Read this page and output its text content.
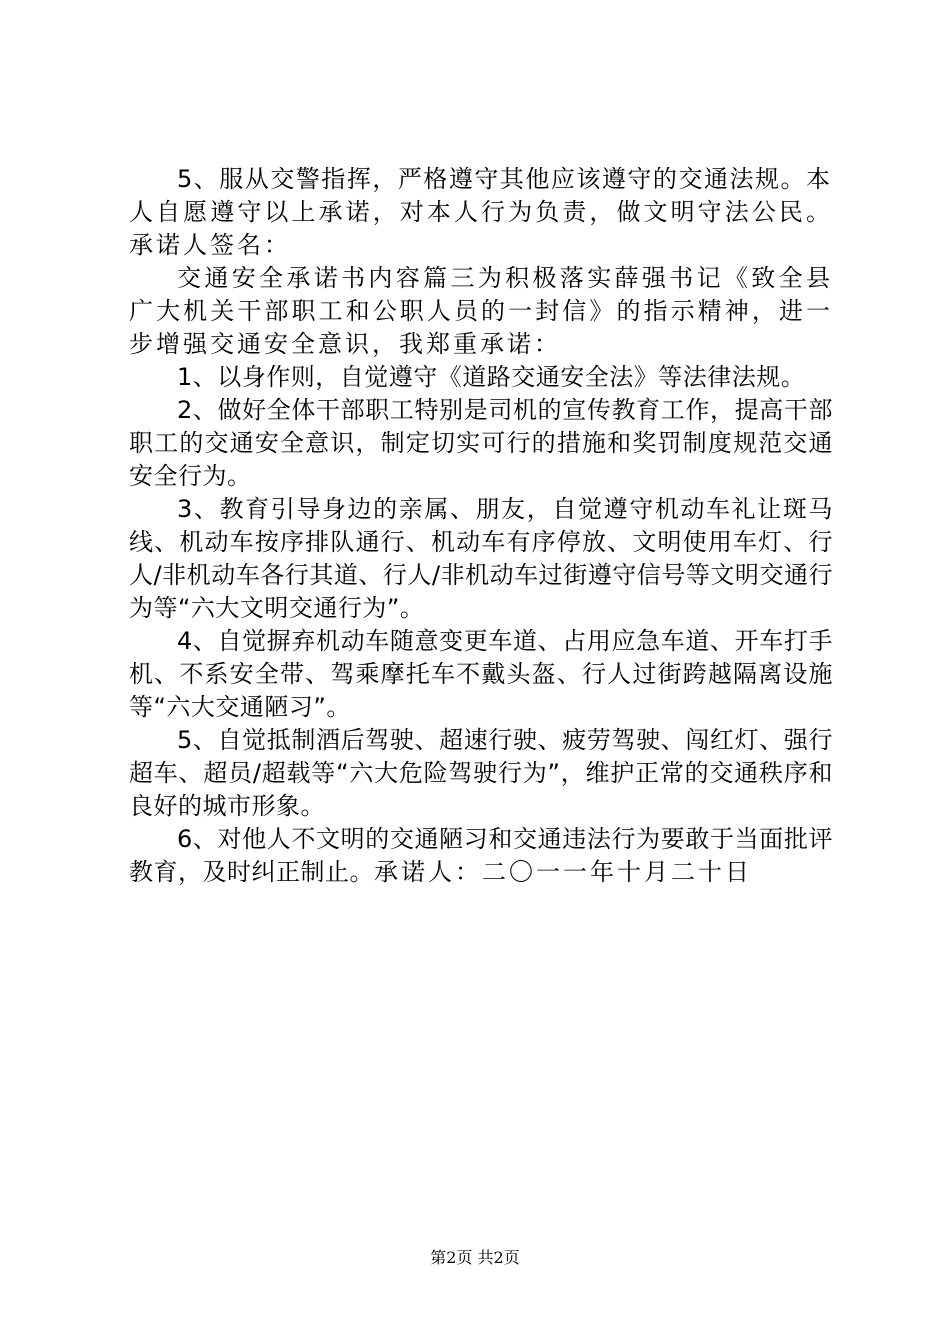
5、服从交警指挥，严格遵守其他应该遵守的交通法规。本人自愿遵守以上承诺，对本人行为负责，做文明守法公民。承诺人签名：

交通安全承诺书内容篇三为积极落实薛强书记《致全县广大机关干部职工和公职人员的一封信》的指示精神，进一步增强交通安全意识，我郑重承诺：

1、以身作则，自觉遵守《道路交通安全法》等法律法规。

2、做好全体干部职工特别是司机的宣传教育工作，提高干部职工的交通安全意识，制定切实可行的措施和奖罚制度规范交通安全行为。

3、教育引导身边的亲属、朋友，自觉遵守机动车礼让斑马线、机动车按序排队通行、机动车有序停放、文明使用车灯、行人/非机动车各行其道、行人/非机动车过街遵守信号等文明交通行为等“六大文明交通行为”。

4、自觉摒弃机动车随意变更车道、占用应急车道、开车打手机、不系安全带、驾乘摩托车不戴头盔、行人过街跨越隔离设施等“六大交通陋习”。

5、自觉抵制酒后驾驶、超速行驶、疲劳驾驶、闯红灯、强行超车、超员/超载等“六大危险驾驶行为”，维护正常的交通秩序和良好的城市形象。

6、对他人不文明的交通陋习和交通违法行为要敢于当面批评教育，及时纠正制止。承诺人：二〇一一年十月二十日

第2页 共2页
